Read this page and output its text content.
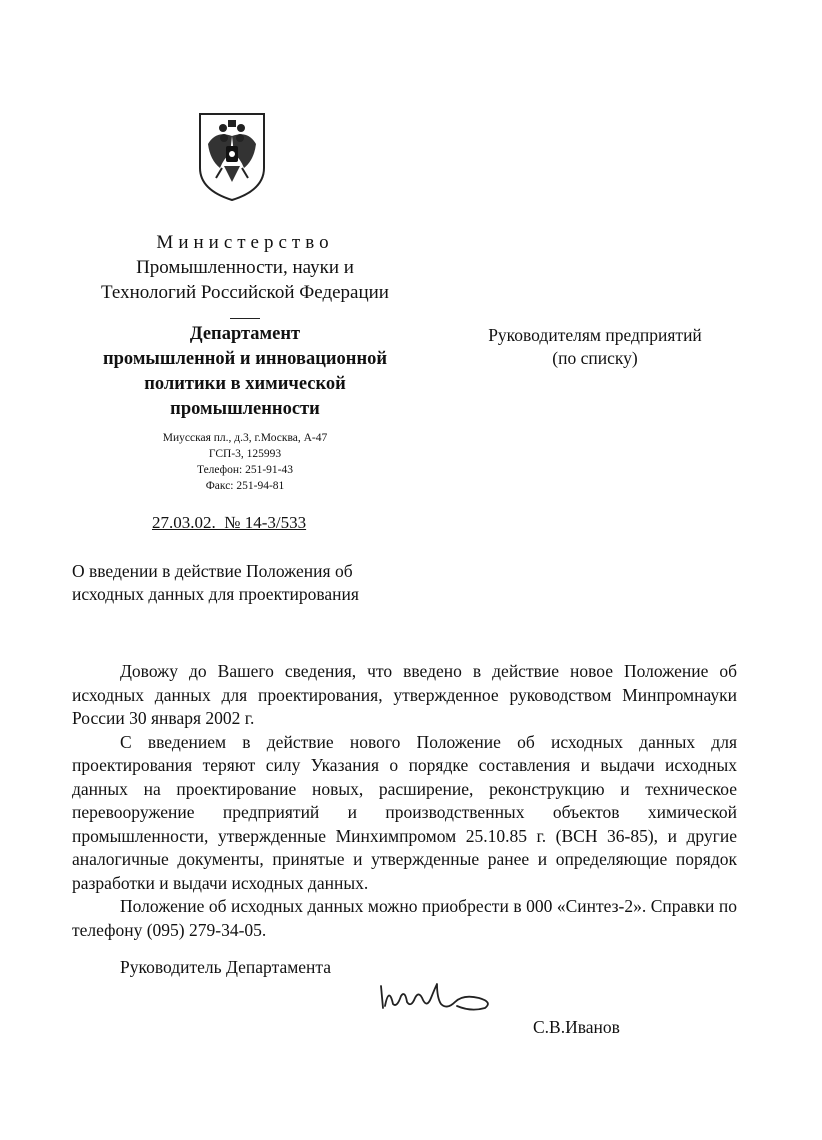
Министерство
Промышленности, науки и
Технологий Российской Федерации
Департамент
промышленной и инновационной
политики в химической
промышленности
Миусская пл., д.3, г.Москва, А-47
ГСП-3, 125993
Телефон: 251-91-43
Факс: 251-94-81
27.03.02.  № 14-3/533
О введении в действие Положения об
исходных данных для проектирования
Руководителям предприятий
(по списку)

Довожу до Вашего сведения, что введено в действие новое Положение об исходных данных для проектирования, утвержденное руководством Минпромнауки России 30 января 2002 г.

С введением в действие нового Положение об исходных данных для проектирования теряют силу Указания о порядке составления и выдачи исходных данных на проектирование новых, расширение, реконструкцию и техническое перевооружение предприятий и производственных объектов химической промышленности, утвержденные Минхимпромом 25.10.85 г. (ВСН 36-85), и другие аналогичные документы, принятые и утвержденные ранее и определяющие порядок разработки и выдачи исходных данных.

Положение об исходных данных можно приобрести в 000 «Синтез-2». Справки по телефону (095) 279-34-05.

Руководитель Департамента
С.В.Иванов
